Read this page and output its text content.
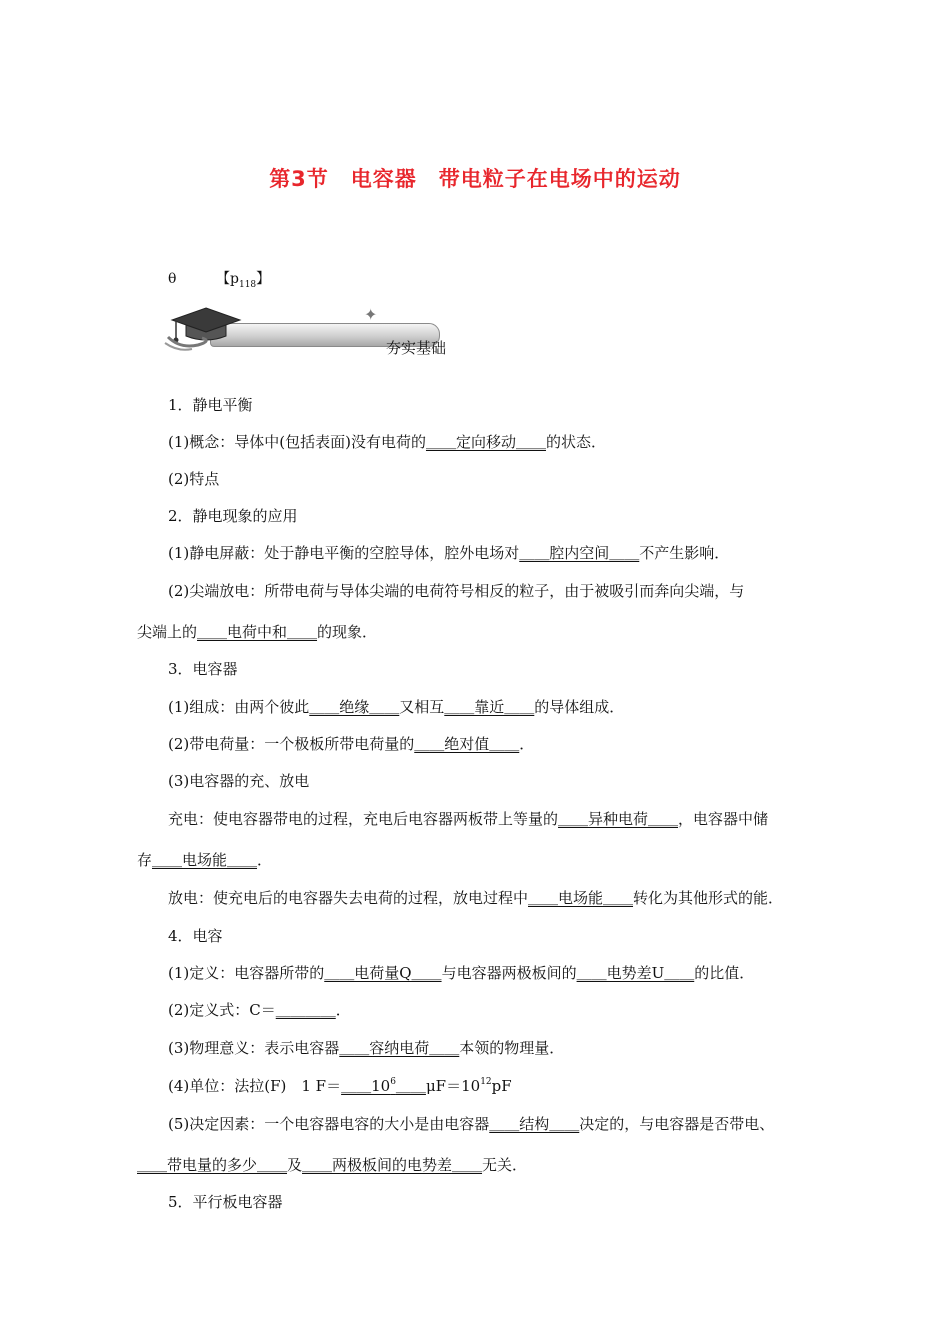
第3节　电容器　带电粒子在电场中的运动
θ	【$p_{118}$】
✦
夯实基础
1．静电平衡
(1)概念：导体中(包括表面)没有电荷的＿＿定向移动＿＿的状态．
(2)特点
2．静电现象的应用
(1)静电屏蔽：处于静电平衡的空腔导体，腔外电场对＿＿腔内空间＿＿不产生影响．
(2)尖端放电：所带电荷与导体尖端的电荷符号相反的粒子，由于被吸引而奔向尖端，与
尖端上的＿＿电荷中和＿＿的现象．
3．电容器
(1)组成：由两个彼此＿＿绝缘＿＿又相互＿＿靠近＿＿的导体组成．
(2)带电荷量：一个极板所带电荷量的＿＿绝对值＿＿．
(3)电容器的充、放电
充电：使电容器带电的过程，充电后电容器两板带上等量的＿＿异种电荷＿＿，电容器中储
存＿＿电场能＿＿．
放电：使充电后的电容器失去电荷的过程，放电过程中＿＿电场能＿＿转化为其他形式的能．
4．电容
(1)定义：电容器所带的＿＿电荷量Q＿＿与电容器两极板间的＿＿电势差U＿＿的比值．
(2)定义式：C＝＿＿＿＿．
(3)物理意义：表示电容器＿＿容纳电荷＿＿本领的物理量．
(4)单位：法拉(F)　1 $F=\_\_10^6\_\_\mu F=10^{12}pF$
(5)决定因素：一个电容器电容的大小是由电容器＿＿结构＿＿决定的，与电容器是否带电、
＿＿带电量的多少＿＿及＿＿两极板间的电势差＿＿无关．
5．平行板电容器
